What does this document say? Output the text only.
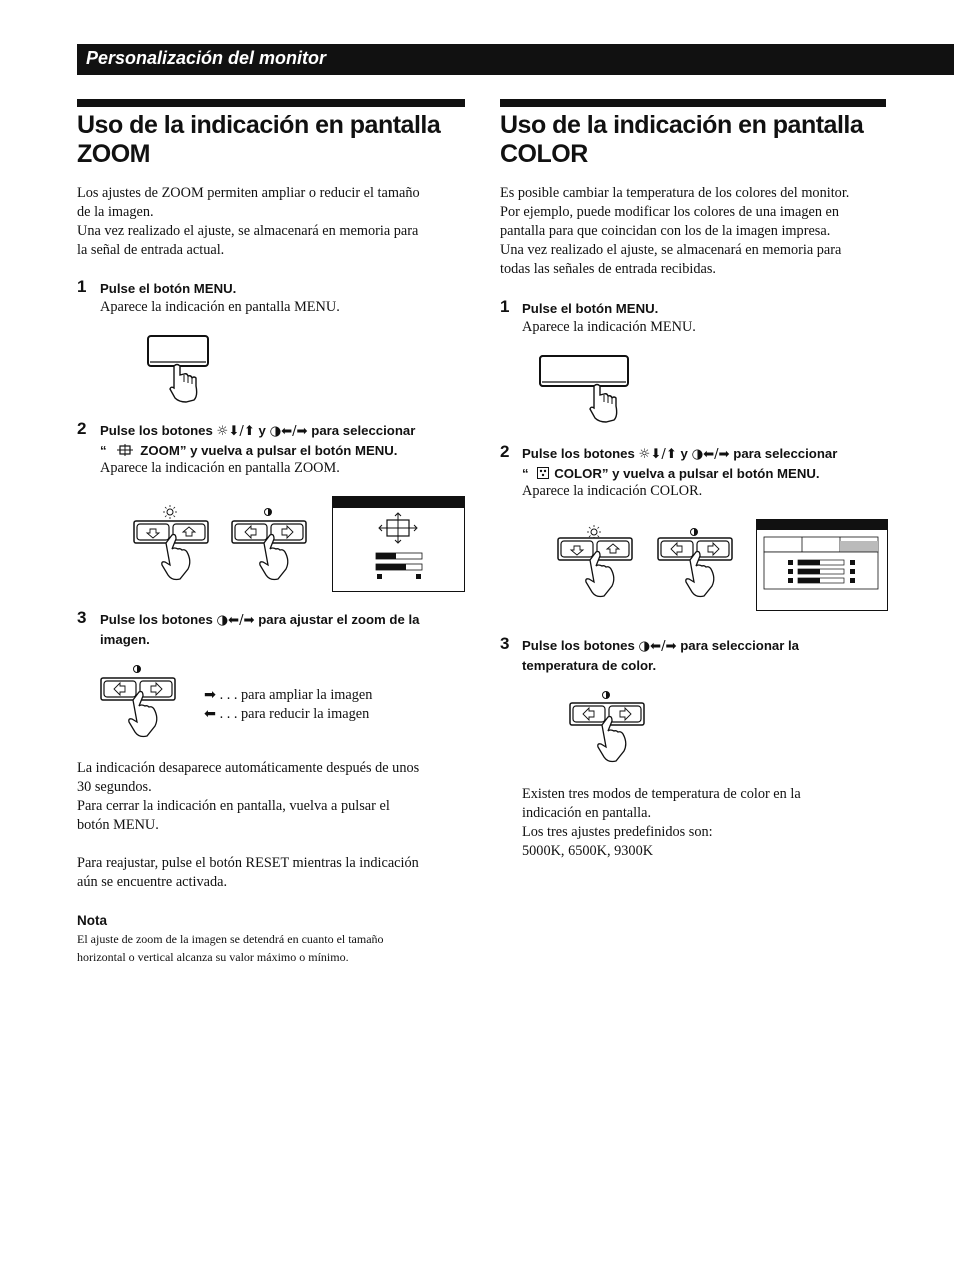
Personalización del monitor
Uso de la indicación en pantalla
ZOOM

Los ajustes de ZOOM permiten ampliar o reducir el tamaño
de la imagen.
Una vez realizado el ajuste, se almacenará en memoria para
la señal de entrada actual.

1 Pulse el botón MENU.

Aparece la indicación en pantalla MENU.

2 Pulse los botones ☼⬇/⬆ y ◑⬅/➡ para seleccionar
“	ZOOM” y vuelva a pulsar el botón MENU.

Aparece la indicación en pantalla ZOOM.

3 Pulse los botones ◑⬅/➡ para ajustar el zoom de la
imagen.

➡ . . . para ampliar la imagen
⬅ . . . para reducir la imagen

La indicación desaparece automáticamente después de unos
30 segundos.
Para cerrar la indicación en pantalla, vuelva a pulsar el
botón MENU.

Para reajustar, pulse el botón RESET mientras la indicación
aún se encuentre activada.

Nota

El ajuste de zoom de la imagen se detendrá en cuanto el tamaño
horizontal o vertical alcanza su valor máximo o mínimo.

Uso de la indicación en pantalla
COLOR

Es posible cambiar la temperatura de los colores del monitor.
Por ejemplo, puede modificar los colores de una imagen en
pantalla para que coincidan con los de la imagen impresa.
Una vez realizado el ajuste, se almacenará en memoria para
todas las señales de entrada recibidas.

1 Pulse el botón MENU.

Aparece la indicación MENU.

2 Pulse los botones ☼⬇/⬆ y ◑⬅/➡ para seleccionar
“ COLOR” y vuelva a pulsar el botón MENU.

Aparece la indicación COLOR.

3 Pulse los botones ◑⬅/➡ para seleccionar la
temperatura de color.

Existen tres modos de temperatura de color en la
indicación en pantalla.
Los tres ajustes predefinidos son:
5000K, 6500K, 9300K
